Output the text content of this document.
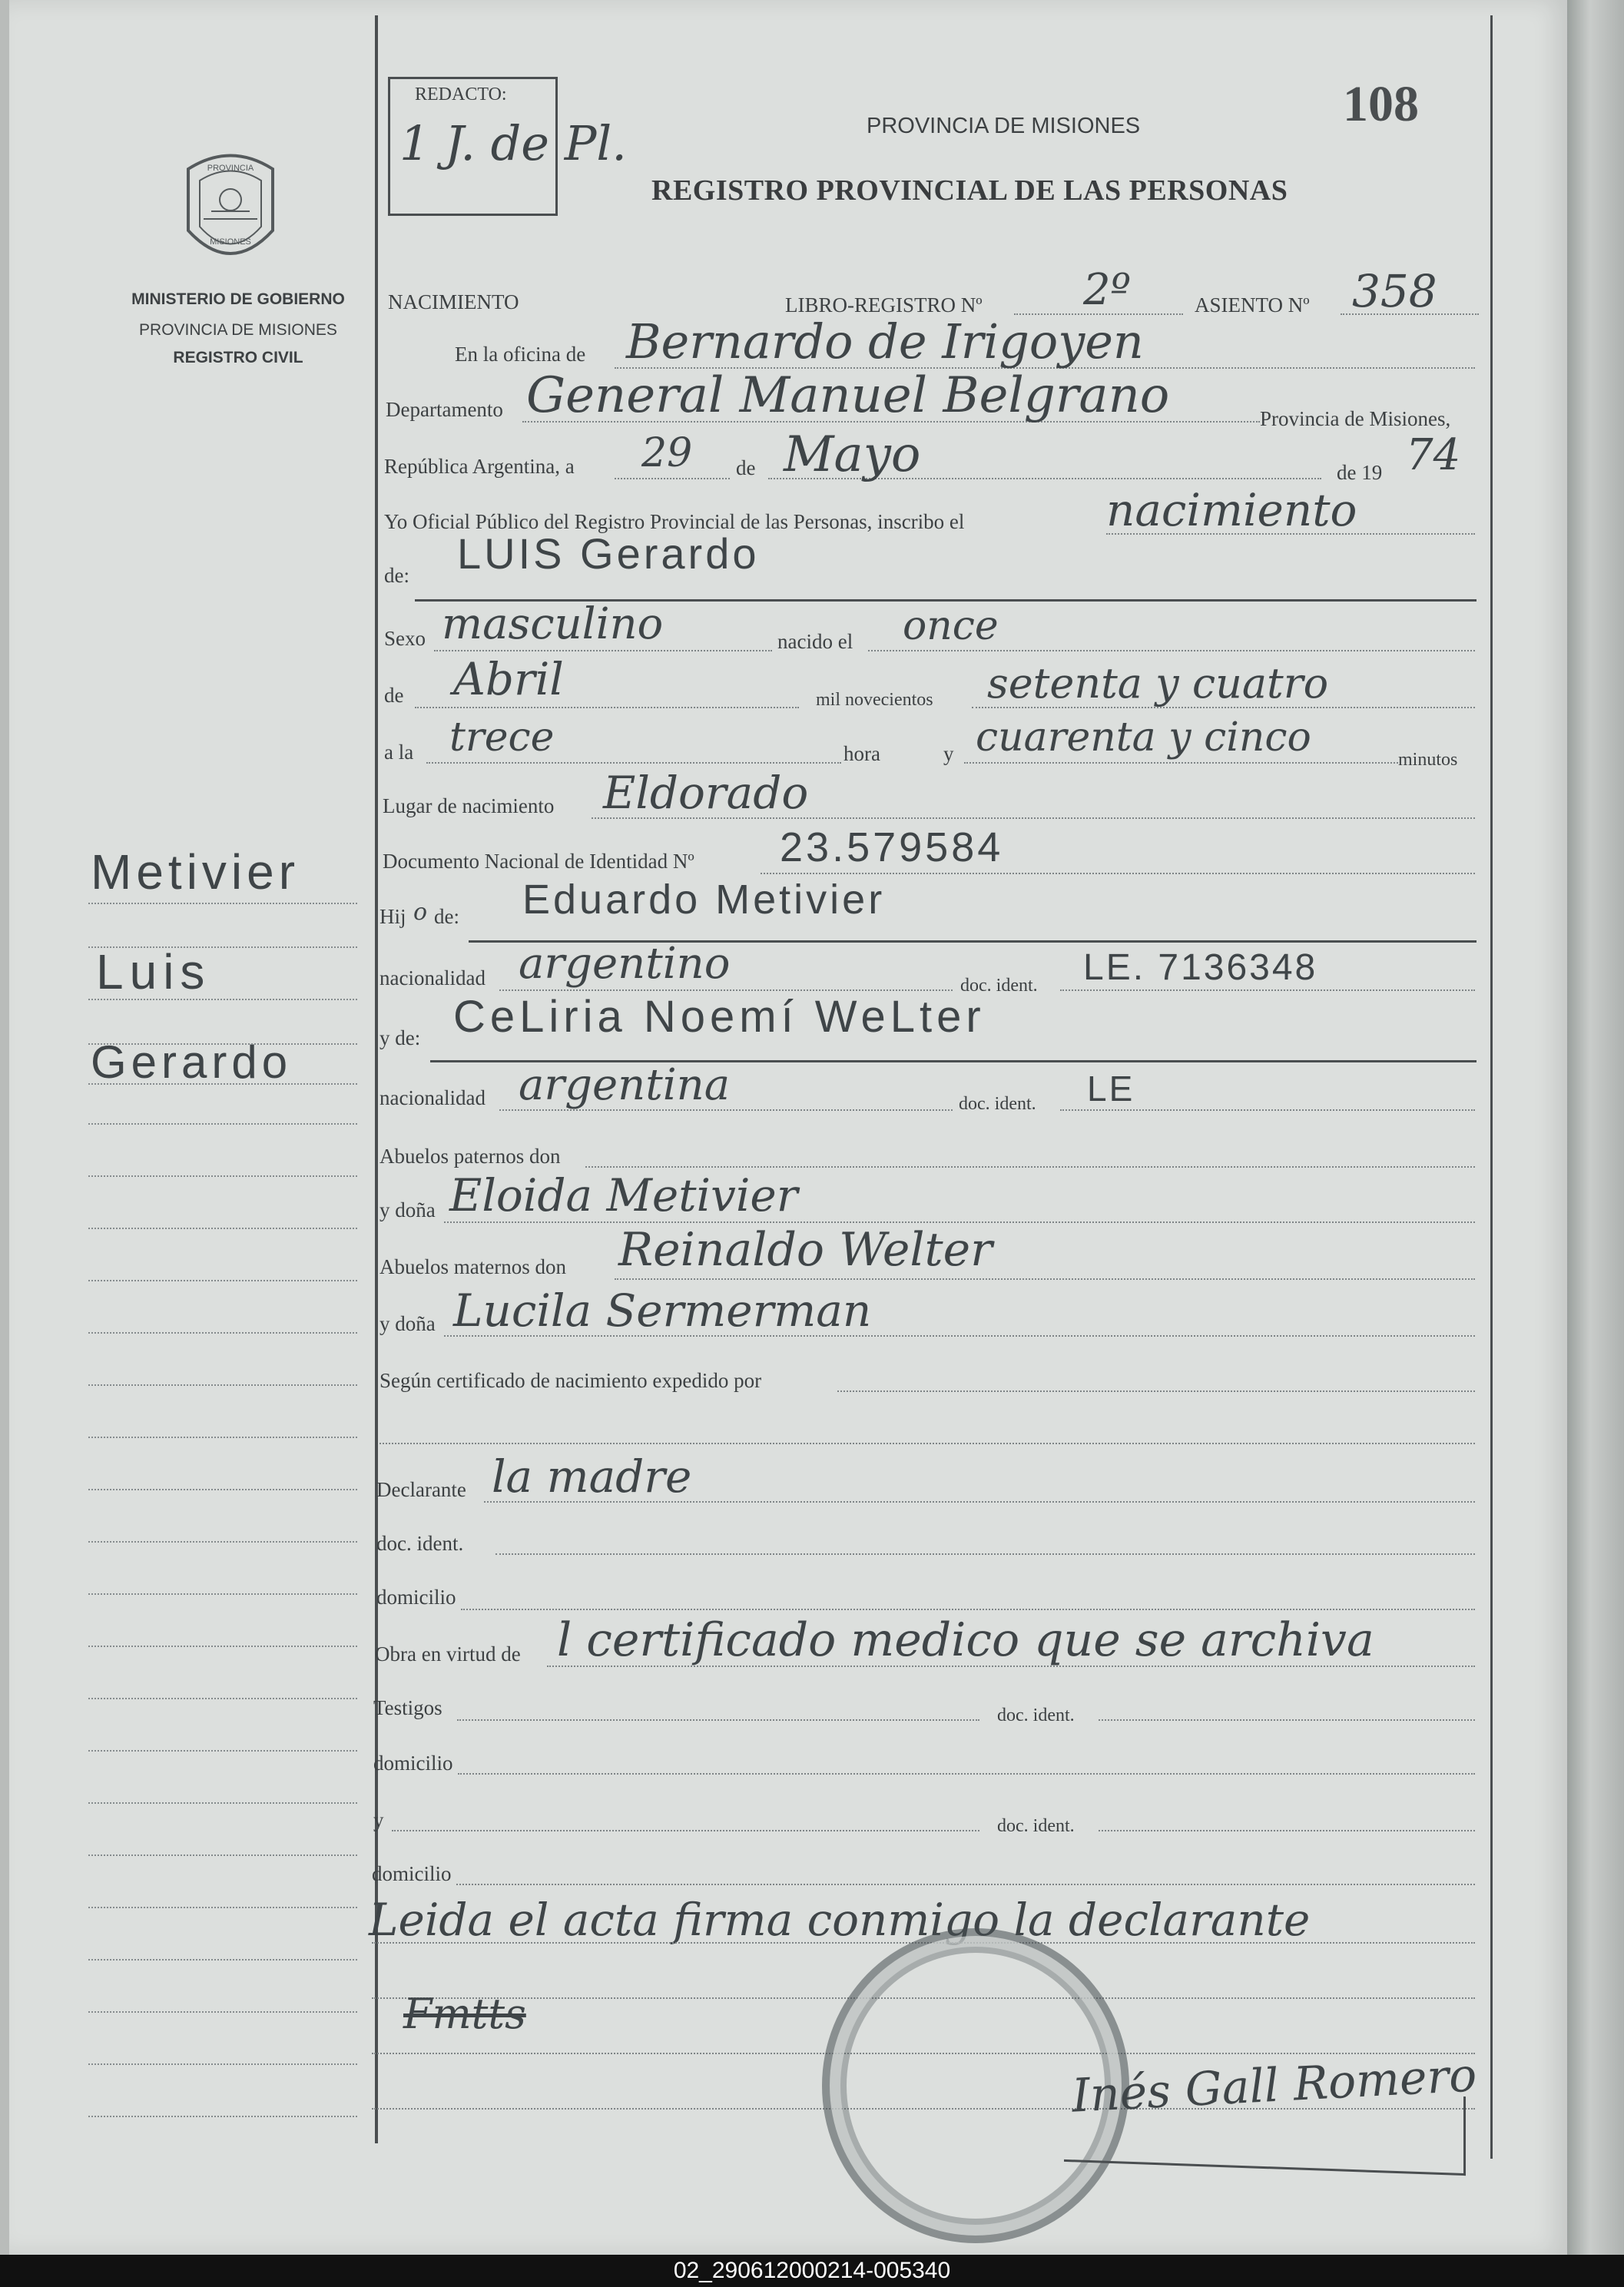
PROVINCIA
MISIONES
MINISTERIO DE GOBIERNO
PROVINCIA DE MISIONES
REGISTRO CIVIL
REDACTO:
1 J. de Pl.	PROVINCIA DE MISIONES
REGISTRO PROVINCIAL DE LAS PERSONAS
108
NACIMIENTO	LIBRO-REGISTRO Nº 2º	ASIENTO Nº 358
En la oficina de Bernardo de Irigoyen
Departamento General Manuel Belgrano	Provincia de Misiones,
República Argentina, a 29 de Mayo	de 19 74
Yo Oficial Público del Registro Provincial de las Personas, inscribo el	nacimiento
de: LUIS Gerardo
Sexo masculino	nacido el once
de Abril	mil novecientos setenta y cuatro
a la trece	hora	y cuarenta y cinco	minutos
Lugar de nacimiento Eldorado
Documento Nacional de Identidad Nº 23.579584
Hij o de: Eduardo Metivier
nacionalidad argentino	doc. ident. LE. 7136348
y de: CeLiria Noemí WeLter
nacionalidad argentina	doc. ident. LE
Abuelos paternos don
y doña Eloida Metivier
Abuelos maternos don Reinaldo Welter
y doña Lucila Sermerman
Según certificado de nacimiento expedido por
Declarante la madre
doc. ident.
domicilio
Obra en virtud de l certificado medico que se archiva
Testigos	doc. ident.
domicilio
y	doc. ident.
domicilio
Leida el acta firma conmigo la declarante
Fmtts
Inés Gall Romero
Metivier
Luis
Gerardo
02_290612000214-005340
